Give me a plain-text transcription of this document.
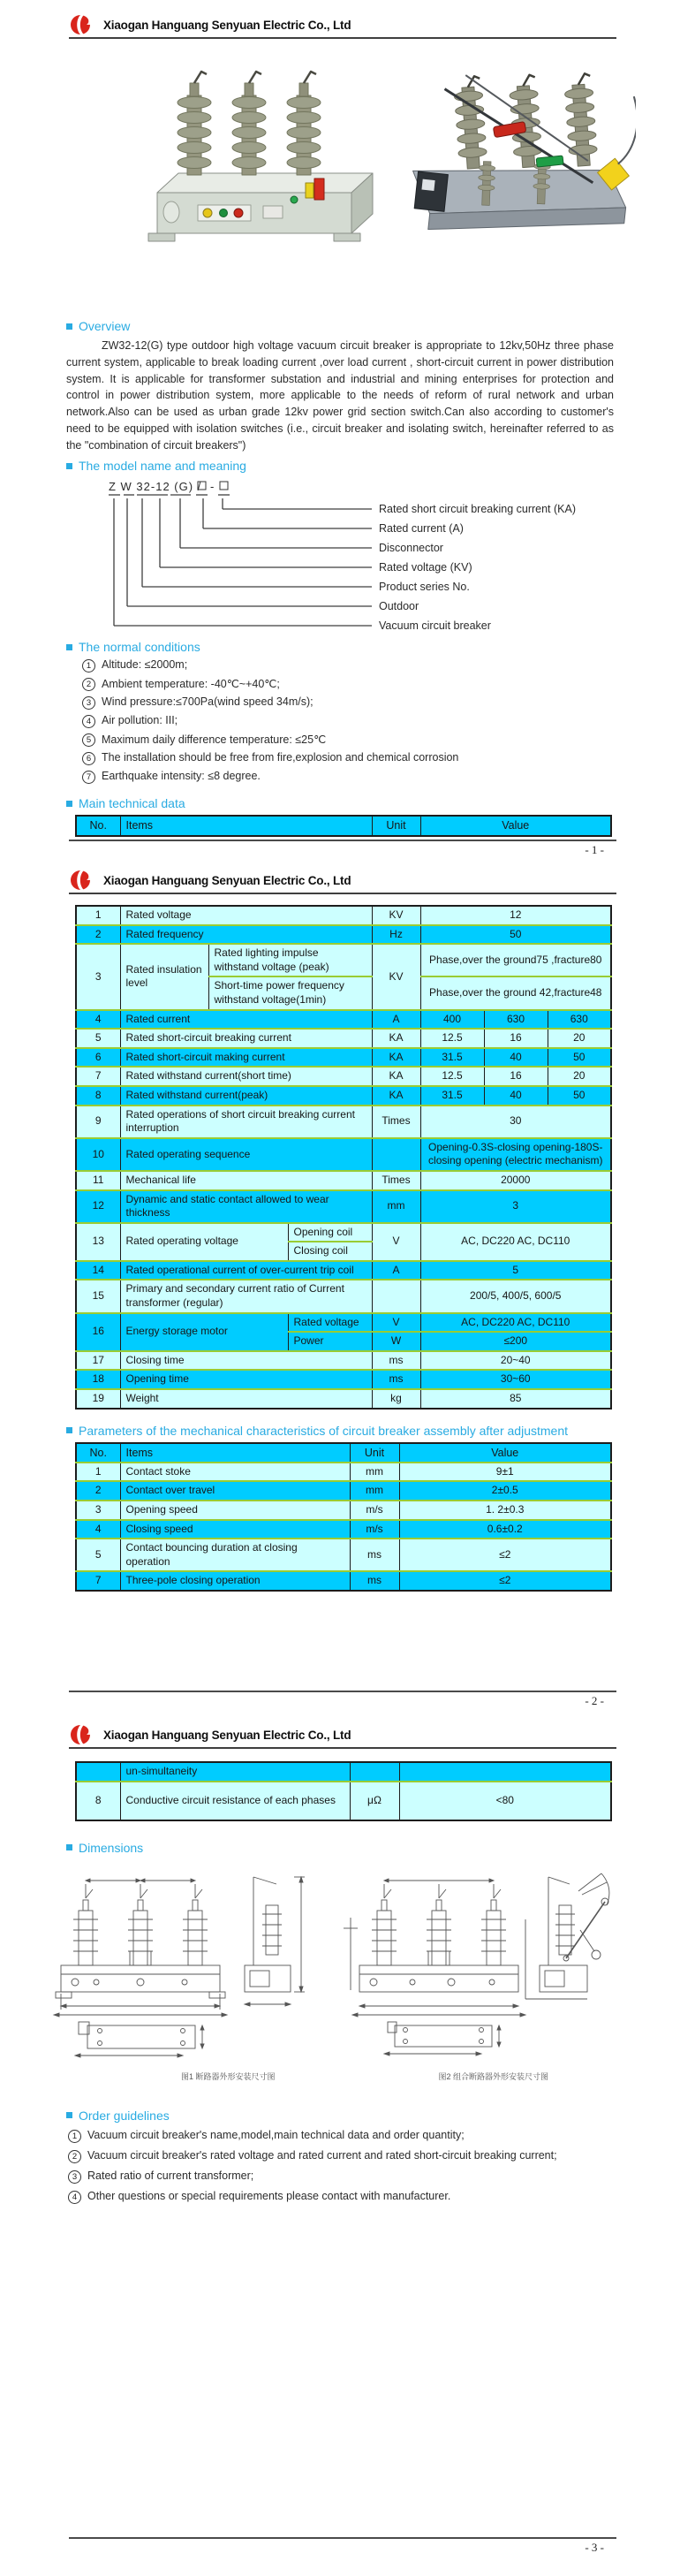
Xiaogan Hanguang Senyuan Electric Co., Ltd
Overview

ZW32-12(G) type outdoor high voltage vacuum circuit breaker is appropriate to 12kv,50Hz three phase current system, applicable to break loading current ,over load current , short-circuit current in power distribution system. It is applicable for transformer substation and industrial and mining enterprises for protection and control in power distribution system, more applicable to the needs of reform of rural network and urban network.Also can be used as urban grade 12kv power grid section switch.Can also according to customer's need to be equipped with isolation switches (i.e., circuit breaker and isolating switch, hereinafter referred to as the "combination of circuit breakers")

The model name and meaning
Z W 32-12 (G) / -
Rated short circuit breaking current (KA)
Rated current (A)
Disconnector
Rated voltage (KV)
Product series No.
Outdoor
Vacuum circuit breaker
The normal conditions
1 Altitude: ≤2000m;
2 Ambient temperature: -40℃~+40℃;
3 Wind pressure:≤700Pa(wind speed 34m/s);
4 Air pollution: III;
5 Maximum daily difference temperature: ≤25℃
6 The installation should be free from fire,explosion and chemical corrosion
7 Earthquake intensity: ≤8 degree.
Main technical data
No.	Items	Unit	Value
- 1 -
Xiaogan Hanguang Senyuan Electric Co., Ltd
1	Rated voltage			KV	12		
2	Rated frequency			Hz	50		
3	Rated insulation level	Rated lighting impulse withstand voltage (peak)		KV	Phase,over the ground75 ,fracture80		
		Short-time power frequency withstand voltage(1min)			Phase,over the ground 42,fracture48		
4	Rated current			A	400	630	630
5	Rated short-circuit breaking current			KA	12.5	16	20
6	Rated short-circuit making current			KA	31.5	40	50
7	Rated withstand current(short time)			KA	12.5	16	20
8	Rated withstand current(peak)			KA	31.5	40	50
9	Rated operations of short circuit breaking current interruption			Times	30		
10	Rated operating sequence				Opening-0.3S-closing opening-180S-closing opening (electric mechanism)		
11	Mechanical life			Times	20000		
12	Dynamic and static contact allowed to wear thickness			mm	3		
13	Rated operating voltage		Opening coil	V	AC, DC220 AC, DC110		
			Closing coil				
14	Rated operational current of over-current trip coil			A	5		
15	Primary and secondary current ratio of Current transformer (regular)				200/5, 400/5, 600/5		
16	Energy storage motor		Rated voltage	V	AC, DC220 AC, DC110		
			Power	W	≤200		
17	Closing time			ms	20~40		
18	Opening time			ms	30~60		
19	Weight			kg	85		
Parameters of the mechanical characteristics of circuit breaker assembly after adjustment
No.	Items	Unit	Value
1	Contact stoke	mm	9±1
2	Contact over travel	mm	2±0.5
3	Opening speed	m/s	1. 2±0.3
4	Closing speed	m/s	0.6±0.2
5	Contact bouncing duration at closing operation	ms	≤2
7	Three-pole closing operation	ms	≤2
- 2 -
Xiaogan Hanguang Senyuan Electric Co., Ltd
	un-simultaneity		
8	Conductive circuit resistance of each phases	μΩ	<80
Dimensions
图1 断路器外形安装尺寸图	图2 组合断路器外形安装尺寸图
Order guidelines
1 Vacuum circuit breaker's name,model,main technical data and order quantity;
2 Vacuum circuit breaker's rated voltage and rated current and rated short-circuit breaking current;
3 Rated ratio of current transformer;
4 Other questions or special requirements please contact with manufacturer.
- 3 -
